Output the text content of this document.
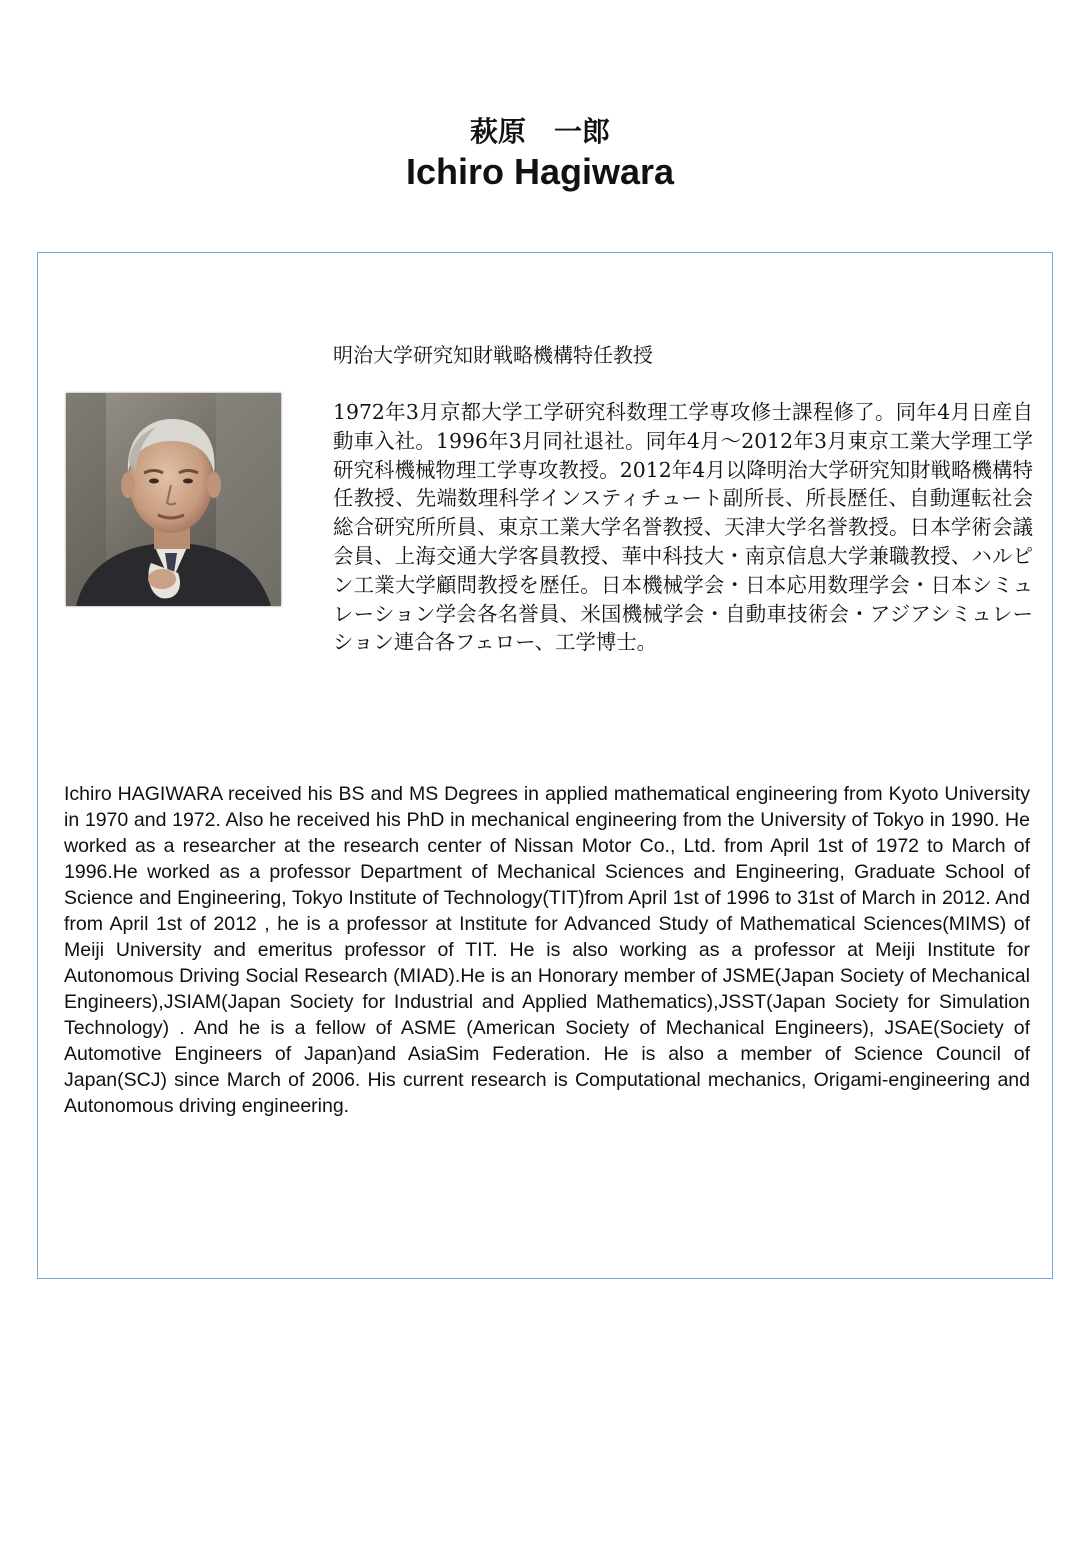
萩原　一郎
Ichiro Hagiwara
明治大学研究知財戦略機構特任教授
1972年3月京都大学工学研究科数理工学専攻修士課程修了。同年4月日産自動車入社。1996年3月同社退社。同年4月～2012年3月東京工業大学理工学研究科機械物理工学専攻教授。2012年4月以降明治大学研究知財戦略機構特任教授、先端数理科学インスティチュート副所長、所長歴任、自動運転社会総合研究所所員、東京工業大学名誉教授、天津大学名誉教授。日本学術会議会員、上海交通大学客員教授、華中科技大・南京信息大学兼職教授、ハルピン工業大学顧問教授を歴任。日本機械学会・日本応用数理学会・日本シミュレーション学会各名誉員、米国機械学会・自動車技術会・アジアシミュレーション連合各フェロー、工学博士。
Ichiro HAGIWARA received his BS and MS Degrees in applied mathematical engineering from Kyoto University in 1970 and 1972. Also he received his PhD in mechanical engineering from the University of Tokyo in 1990. He worked as a researcher at the research center of Nissan Motor Co., Ltd. from April 1st of 1972 to March of 1996.He worked as a professor Department of Mechanical Sciences and Engineering, Graduate School of Science and Engineering, Tokyo Institute of Technology(TIT)from April 1st of 1996 to 31st of March in 2012. And from April 1st of 2012 , he is a professor at Institute for Advanced Study of Mathematical Sciences(MIMS) of Meiji University and emeritus professor of TIT. He is also working as a professor at Meiji Institute for Autonomous Driving Social Research (MIAD).He is an Honorary member of JSME(Japan Society of Mechanical Engineers),JSIAM(Japan Society for Industrial and Applied Mathematics),JSST(Japan Society for Simulation Technology) . And he is a fellow of ASME (American Society of Mechanical Engineers), JSAE(Society of Automotive Engineers of Japan)and AsiaSim Federation. He is also a member of Science Council of Japan(SCJ) since March of 2006. His current research is Computational mechanics, Origami-engineering and Autonomous driving engineering.
